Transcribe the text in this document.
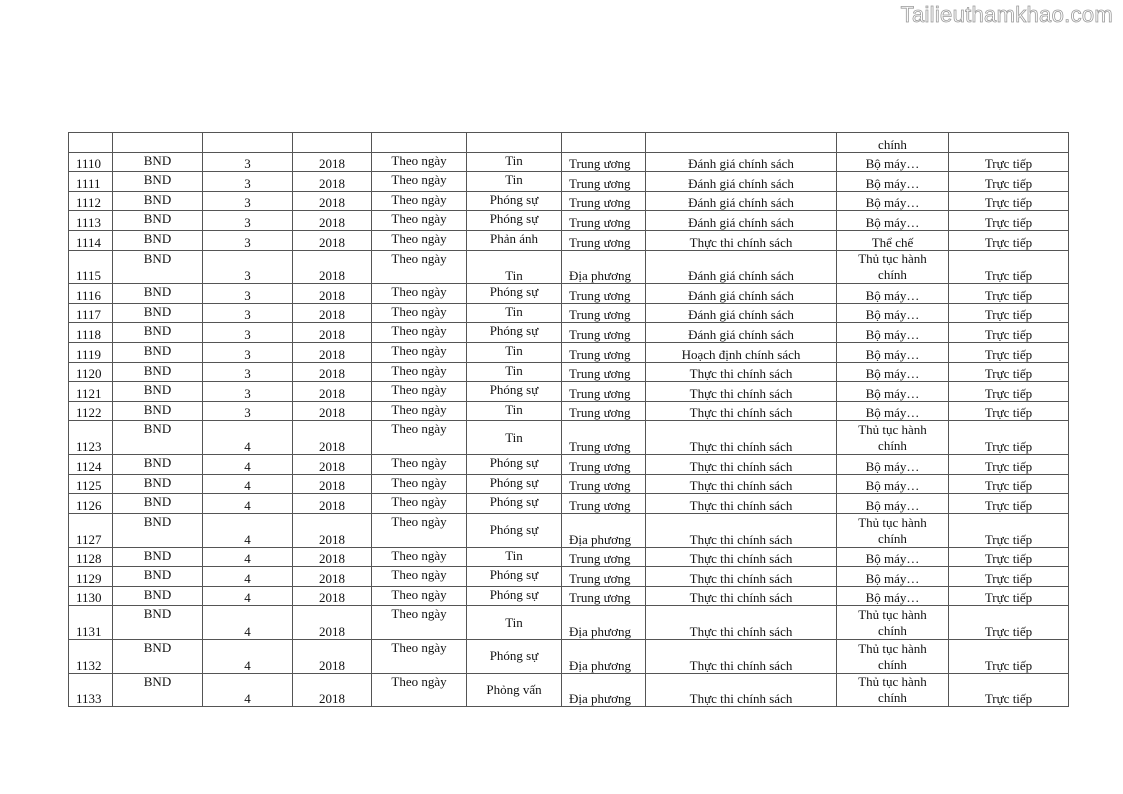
Tailieuthamkhao.com

								chính	

1110	BND	3	2018	Theo ngày	Tin	Trung ương	Đánh giá chính sách	Bộ máy…	Trực tiếp

1111	BND	3	2018	Theo ngày	Tin	Trung ương	Đánh giá chính sách	Bộ máy…	Trực tiếp

1112	BND	3	2018	Theo ngày	Phóng sự	Trung ương	Đánh giá chính sách	Bộ máy…	Trực tiếp

1113	BND	3	2018	Theo ngày	Phóng sự	Trung ương	Đánh giá chính sách	Bộ máy…	Trực tiếp

1114	BND	3	2018	Theo ngày	Phản ánh	Trung ương	Thực thi chính sách	Thể chế	Trực tiếp

1115	BND	3	2018	Theo ngày	Tin	Địa phương	Đánh giá chính sách	Thủ tục hành
chính	Trực tiếp

1116	BND	3	2018	Theo ngày	Phóng sự	Trung ương	Đánh giá chính sách	Bộ máy…	Trực tiếp

1117	BND	3	2018	Theo ngày	Tin	Trung ương	Đánh giá chính sách	Bộ máy…	Trực tiếp

1118	BND	3	2018	Theo ngày	Phóng sự	Trung ương	Đánh giá chính sách	Bộ máy…	Trực tiếp

1119	BND	3	2018	Theo ngày	Tin	Trung ương	Hoạch định chính sách	Bộ máy…	Trực tiếp

1120	BND	3	2018	Theo ngày	Tin	Trung ương	Thực thi chính sách	Bộ máy…	Trực tiếp

1121	BND	3	2018	Theo ngày	Phóng sự	Trung ương	Thực thi chính sách	Bộ máy…	Trực tiếp

1122	BND	3	2018	Theo ngày	Tin	Trung ương	Thực thi chính sách	Bộ máy…	Trực tiếp

1123	BND	4	2018	Theo ngày	Tin	Trung ương	Thực thi chính sách	Thủ tục hành
chính	Trực tiếp

1124	BND	4	2018	Theo ngày	Phóng sự	Trung ương	Thực thi chính sách	Bộ máy…	Trực tiếp

1125	BND	4	2018	Theo ngày	Phóng sự	Trung ương	Thực thi chính sách	Bộ máy…	Trực tiếp

1126	BND	4	2018	Theo ngày	Phóng sự	Trung ương	Thực thi chính sách	Bộ máy…	Trực tiếp

1127	BND	4	2018	Theo ngày	Phóng sự	Địa phương	Thực thi chính sách	Thủ tục hành
chính	Trực tiếp

1128	BND	4	2018	Theo ngày	Tin	Trung ương	Thực thi chính sách	Bộ máy…	Trực tiếp

1129	BND	4	2018	Theo ngày	Phóng sự	Trung ương	Thực thi chính sách	Bộ máy…	Trực tiếp

1130	BND	4	2018	Theo ngày	Phóng sự	Trung ương	Thực thi chính sách	Bộ máy…	Trực tiếp

1131	BND	4	2018	Theo ngày	Tin	Địa phương	Thực thi chính sách	Thủ tục hành
chính	Trực tiếp

1132	BND	4	2018	Theo ngày	Phóng sự	Địa phương	Thực thi chính sách	Thủ tục hành
chính	Trực tiếp

1133	BND	4	2018	Theo ngày	Phỏng vấn	Địa phương	Thực thi chính sách	Thủ tục hành
chính	Trực tiếp
